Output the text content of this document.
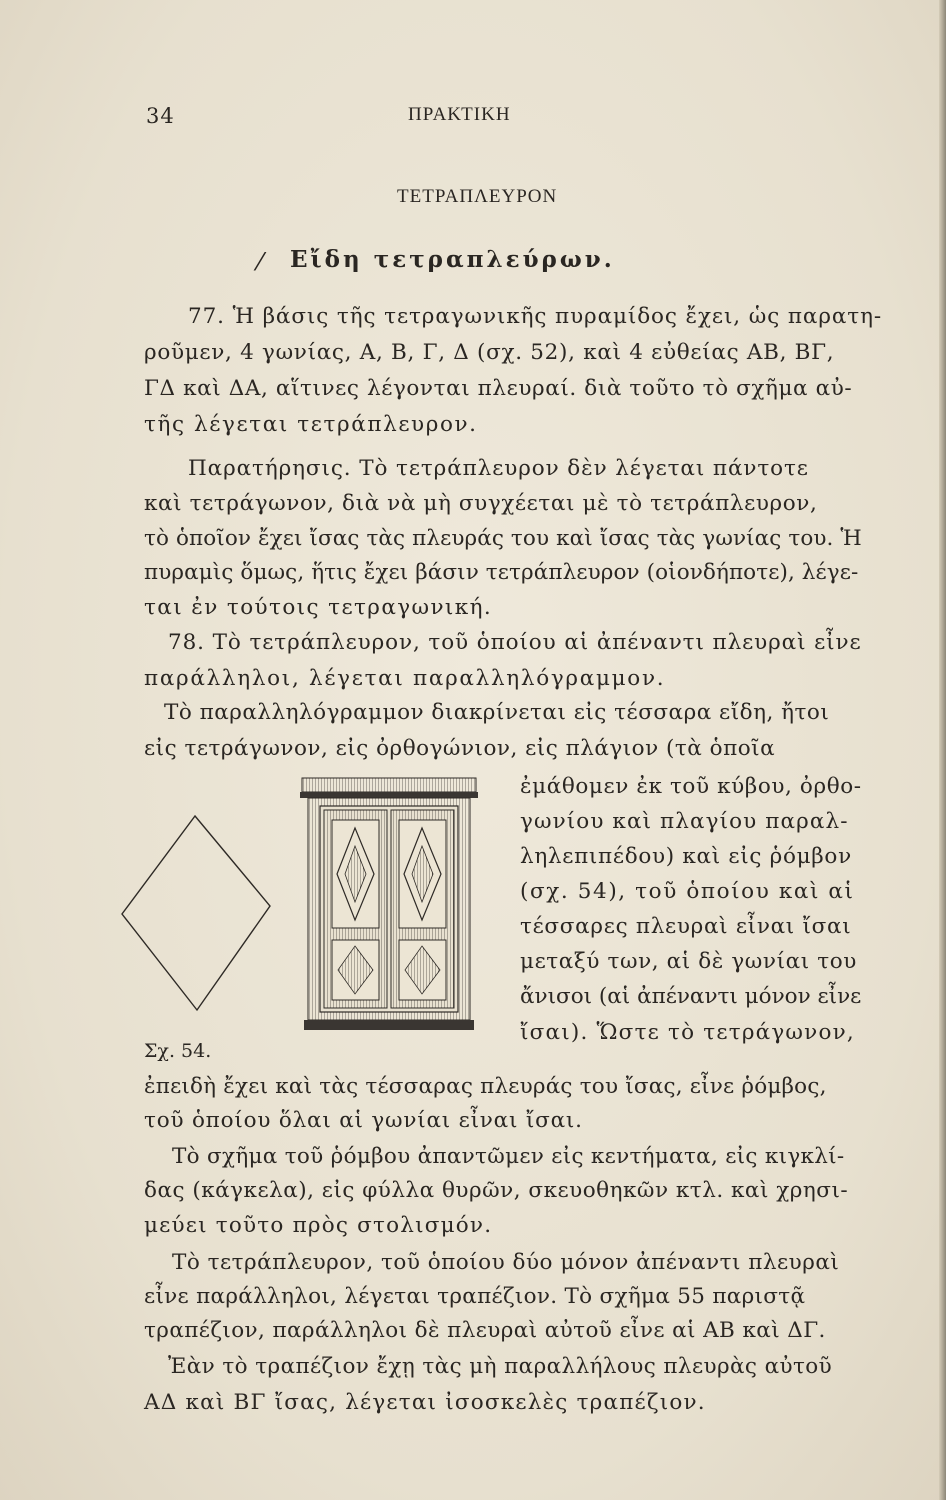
34	ΠΡΑΚΤΙΚΗ
ΤΕΤΡΑΠΛΕΥΡΟΝ
⁄ Εἴδη τετραπλεύρων.
77. Ἡ βάσις τῆς τετραγωνικῆς πυραμίδος ἔχει, ὡς παρατη-
ροῦμεν, 4 γωνίας, Α, Β, Γ, Δ (σχ. 52), καὶ 4 εὐθείας ΑΒ, ΒΓ,
ΓΔ καὶ ΔΑ, αἵτινες λέγονται πλευραί. διὰ τοῦτο τὸ σχῆμα αὐ-
τῆς λέγεται τετράπλευρον.
Παρατήρησις. Τὸ τετράπλευρον δὲν λέγεται πάντοτε
καὶ τετράγωνον, διὰ νὰ μὴ συγχέεται μὲ τὸ τετράπλευρον,
τὸ ὁποῖον ἔχει ἴσας τὰς πλευράς του καὶ ἴσας τὰς γωνίας του. Ἡ
πυραμὶς ὅμως, ἥτις ἔχει βάσιν τετράπλευρον (οἱονδήποτε), λέγε-
ται ἐν τούτοις τετραγωνική.
78. Τὸ τετράπλευρον, τοῦ ὁποίου αἱ ἀπέναντι πλευραὶ εἶνε
παράλληλοι, λέγεται παραλληλόγραμμον.
Τὸ παραλληλόγραμμον διακρίνεται εἰς τέσσαρα εἴδη, ἤτοι
εἰς τετράγωνον, εἰς ὀρθογώνιον, εἰς πλάγιον (τὰ ὁποῖα
ἐμάθομεν ἐκ τοῦ κύβου, ὀρθο-
γωνίου καὶ πλαγίου παραλ-
ληλεπιπέδου) καὶ εἰς ῥόμβον
(σχ. 54), τοῦ ὁποίου καὶ αἱ
τέσσαρες πλευραὶ εἶναι ἴσαι
μεταξύ των, αἱ δὲ γωνίαι του
ἄνισοι (αἱ ἀπέναντι μόνον εἶνε
ἴσαι). Ὥστε τὸ τετράγωνον,
ἐπειδὴ ἔχει καὶ τὰς τέσσαρας πλευράς του ἴσας, εἶνε ῥόμβος,
τοῦ ὁποίου ὅλαι αἱ γωνίαι εἶναι ἴσαι.
Τὸ σχῆμα τοῦ ῥόμβου ἀπαντῶμεν εἰς κεντήματα, εἰς κιγκλί-
δας (κάγκελα), εἰς φύλλα θυρῶν, σκευοθηκῶν κτλ. καὶ χρησι-
μεύει τοῦτο πρὸς στολισμόν.
Τὸ τετράπλευρον, τοῦ ὁποίου δύο μόνον ἀπέναντι πλευραὶ
εἶνε παράλληλοι, λέγεται τραπέζιον. Τὸ σχῆμα 55 παριστᾷ
τραπέζιον, παράλληλοι δὲ πλευραὶ αὐτοῦ εἶνε αἱ ΑΒ καὶ ΔΓ.
Ἐὰν τὸ τραπέζιον ἔχῃ τὰς μὴ παραλλήλους πλευρὰς αὐτοῦ
ΑΔ καὶ ΒΓ ἴσας, λέγεται ἰσοσκελὲς τραπέζιον.
Σχ. 54.
